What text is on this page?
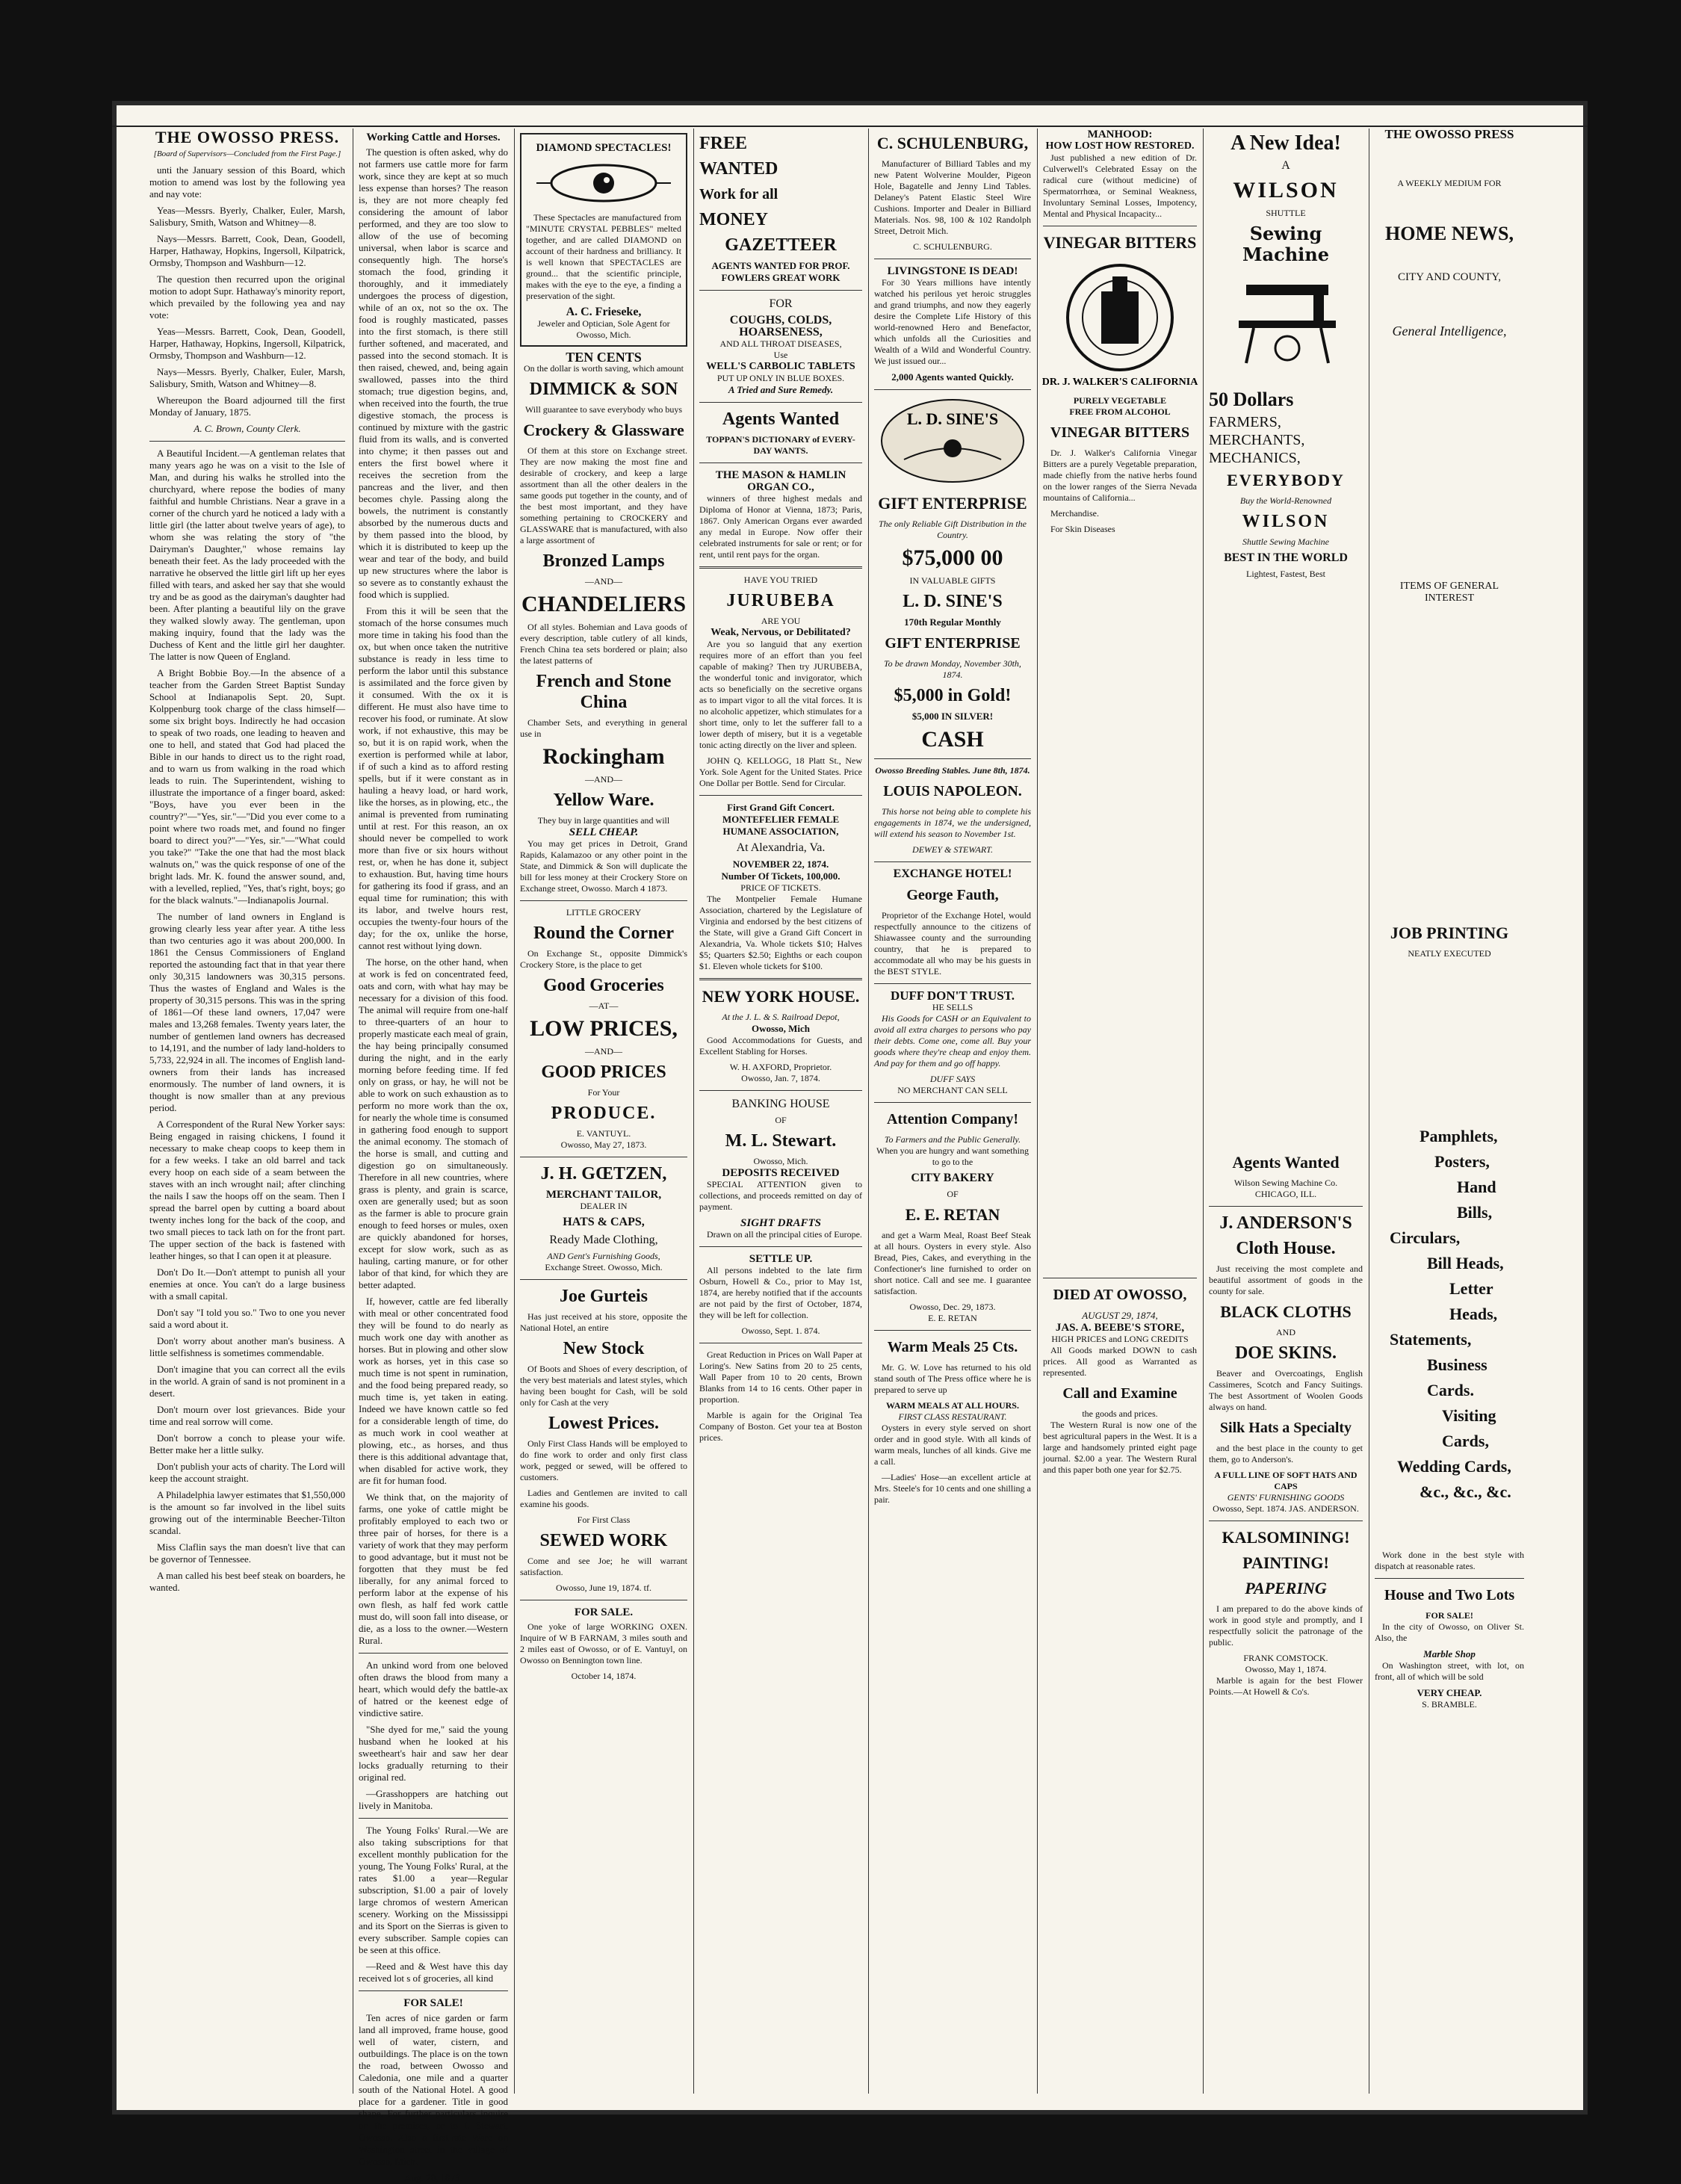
THE OWOSSO PRESS.
[Board of Supervisors—Concluded from the First Page.]

unti the January session of this Board, which motion to amend was lost by the following yea and nay vote:

Yeas—Messrs. Byerly, Chalker, Euler, Marsh, Salisbury, Smith, Watson and Whitney—8.

Nays—Messrs. Barrett, Cook, Dean, Goodell, Harper, Hathaway, Hopkins, Ingersoll, Kilpatrick, Ormsby, Thompson and Washburn—12.

The question then recurred upon the original motion to adopt Supr. Hathaway's minority report, which prevailed by the following yea and nay vote:

Yeas—Messrs. Barrett, Cook, Dean, Goodell, Harper, Hathaway, Hopkins, Ingersoll, Kilpatrick, Ormsby, Thompson and Washburn—12.

Nays—Messrs. Byerly, Chalker, Euler, Marsh, Salisbury, Smith, Watson and Whitney—8.

Whereupon the Board adjourned till the first Monday of January, 1875.

A. C. Brown, County Clerk.

A Beautiful Incident.—A gentleman relates that many years ago he was on a visit to the Isle of Man, and during his walks he strolled into the churchyard, where repose the bodies of many faithful and humble Christians. Near a grave in a corner of the church yard he noticed a lady with a little girl (the latter about twelve years of age), to whom she was relating the story of "the Dairyman's Daughter," whose remains lay beneath their feet. As the lady proceeded with the narrative he observed the little girl lift up her eyes filled with tears, and asked her say that she would try and be as good as the dairyman's daughter had been. After planting a beautiful lily on the grave they walked slowly away. The gentleman, upon making inquiry, found that the lady was the Duchess of Kent and the little girl her daughter. The latter is now Queen of England.

A Bright Bobbie Boy.—In the absence of a teacher from the Garden Street Baptist Sunday School at Indianapolis Sept. 20, Supt. Kolppenburg took charge of the class himself—some six bright boys. Indirectly he had occasion to speak of two roads, one leading to heaven and one to hell, and stated that God had placed the Bible in our hands to direct us to the right road, and to warn us from walking in the road which leads to ruin. The Superintendent, wishing to illustrate the importance of a finger board, asked: "Boys, have you ever been in the country?"—"Yes, sir."—"Did you ever come to a point where two roads met, and found no finger board to direct you?"—"Yes, sir."—"What could you take?" "Take the one that had the most black walnuts on," was the quick response of one of the bright lads. Mr. K. found the answer sound, and, with a levelled, replied, "Yes, that's right, boys; go for the black walnuts."—Indianapolis Journal.

The number of land owners in England is growing clearly less year after year. A tithe less than two centuries ago it was about 200,000. In 1861 the Census Commissioners of England reported the astounding fact that in that year there only 30,315 landowners was 30,315 persons. Thus the wastes of England and Wales is the property of 30,315 persons. This was in the spring of 1861—Of these land owners, 17,047 were males and 13,268 females. Twenty years later, the number of gentlemen land owners has decreased to 14,191, and the number of lady land-holders to 5,733, 22,924 in all. The incomes of English land-owners from their lands has increased enormously. The number of land owners, it is thought is now smaller than at any previous period.

A Correspondent of the Rural New Yorker says: Being engaged in raising chickens, I found it necessary to make cheap coops to keep them in for a few weeks. I take an old barrel and tack every hoop on each side of a seam between the staves with an inch wrought nail; after clinching the nails I saw the hoops off on the seam. Then I spread the barrel open by cutting a board about twenty inches long for the back of the coop, and two small pieces to tack lath on for the front part. The upper section of the back is fastened with leather hinges, so that I can open it at pleasure.

Don't Do It.—Don't attempt to punish all your enemies at once. You can't do a large business with a small capital.

Don't say "I told you so." Two to one you never said a word about it.

Don't worry about another man's business. A little selfishness is sometimes commendable.

Don't imagine that you can correct all the evils in the world. A grain of sand is not prominent in a desert.

Don't mourn over lost grievances. Bide your time and real sorrow will come.

Don't borrow a conch to please your wife. Better make her a little sulky.

Don't publish your acts of charity. The Lord will keep the account straight.

A Philadelphia lawyer estimates that $1,550,000 is the amount so far involved in the libel suits growing out of the interminable Beecher-Tilton scandal.

Miss Claflin says the man doesn't live that can be governor of Tennessee.

A man called his best beef steak on boarders, he wanted.

Working Cattle and Horses.

The question is often asked, why do not farmers use cattle more for farm work, since they are kept at so much less expense than horses? The reason is, they are not more cheaply fed considering the amount of labor performed, and they are too slow to allow of the use of becoming universal, when labor is scarce and consequently high. The horse's stomach the food, grinding it thoroughly, and it immediately undergoes the process of digestion, while of an ox, not so the ox. The food is roughly masticated, passes into the first stomach, is there still further softened, and macerated, and passed into the second stomach. It is then raised, chewed, and, being again swallowed, passes into the third stomach; true digestion begins, and, when received into the fourth, the true digestive stomach, the process is continued by mixture with the gastric fluid from its walls, and is converted into chyme; it then passes out and enters the first bowel where it receives the secretion from the pancreas and the liver, and then becomes chyle. Passing along the bowels, the nutriment is constantly absorbed by the numerous ducts and by them passed into the blood, by which it is distributed to keep up the wear and tear of the body, and build up new structures where the labor is so severe as to constantly exhaust the food which is supplied.

From this it will be seen that the stomach of the horse consumes much more time in taking his food than the ox, but when once taken the nutritive substance is ready in less time to perform the labor until this substance is assimilated and the force given by it consumed. With the ox it is different. He must also have time to recover his food, or ruminate. At slow work, if not exhaustive, this may be so, but it is on rapid work, when the exertion is performed while at labor, if of such a kind as to afford resting spells, but if it were constant as in hauling a heavy load, or hard work, like the horses, as in plowing, etc., the animal is prevented from ruminating until at rest. For this reason, an ox should never be compelled to work more than five or six hours without rest, or, when he has done it, subject to exhaustion. But, having time hours for gathering its food if grass, and an equal time for rumination; this with its labor, and twelve hours rest, occupies the twenty-four hours of the day; for the ox, unlike the horse, cannot rest without lying down.

The horse, on the other hand, when at work is fed on concentrated feed, oats and corn, with what hay may be necessary for a division of this food. The animal will require from one-half to three-quarters of an hour to properly masticate each meal of grain, the hay being principally consumed during the night, and in the early morning before feeding time. If fed only on grass, or hay, he will not be able to work on such exhaustion as to perform no more work than the ox, for nearly the whole time is consumed in gathering food enough to support the animal economy. The stomach of the horse is small, and cutting and digestion go on simultaneously. Therefore in all new countries, where grass is plenty, and grain is scarce, oxen are generally used; but as soon as the farmer is able to procure grain enough to feed horses or mules, oxen are quickly abandoned for horses, except for slow work, such as as hauling, carting manure, or for other labor of that kind, for which they are better adapted.

If, however, cattle are fed liberally with meal or other concentrated food they will be found to do nearly as much work one day with another as horses. But in plowing and other slow work as horses, yet in this case so much time is not spent in rumination, and the food being prepared ready, so much time is, yet taken in eating. Indeed we have known cattle so fed for a considerable length of time, do as much work in cool weather at plowing, etc., as horses, and thus there is this additional advantage that, when disabled for active work, they are fit for human food.

We think that, on the majority of farms, one yoke of cattle might be profitably employed to each two or three pair of horses, for there is a variety of work that they may perform to good advantage, but it must not be forgotten that they must be fed liberally, for any animal forced to perform labor at the expense of his own flesh, as half fed work cattle must do, will soon fall into disease, or die, as a loss to the owner.—Western Rural.

An unkind word from one beloved often draws the blood from many a heart, which would defy the battle-ax of hatred or the keenest edge of vindictive satire.

"She dyed for me," said the young husband when he looked at his sweetheart's hair and saw her dear locks gradually returning to their original red.

—Grasshoppers are hatching out lively in Manitoba.

The Young Folks' Rural.—We are also taking subscriptions for that excellent monthly publication for the young, The Young Folks' Rural, at the rates $1.00 a year—Regular subscription, $1.00 a pair of lovely large chromos of western American scenery. Working on the Mississippi and its Sport on the Sierras is given to every subscriber. Sample copies can be seen at this office.

—Reed and & West have this day received lot s of groceries, all kind

FOR SALE!

Ten acres of nice garden or farm land all improved, frame house, good well of water, cistern, and outbuildings. The place is on the town the road, between Owosso and Caledonia, one mile and a quarter south of the National Hotel. A good place for a gardener. Title in good shape. For further particulars inquire on the premises, or to I. Stewart, Owosso. Also a first-rate Ware on Washington street in the village of Owosso, Mich.

Aug. 20, 1873.
DIAMOND SPECTACLES!

These Spectacles are manufactured from "MINUTE CRYSTAL PEBBLES" melted together, and are called DIAMOND on account of their hardness and brilliancy. It is well known that SPECTACLES are ground... that the scientific principle, makes with the eye to the eye, a finding a preservation of the sight.

A. C. Frieseke,
Jeweler and Optician, Sole Agent for Owosso, Mich.
TEN CENTS
On the dollar is worth saving, which amount
DIMMICK & SON
Will guarantee to save everybody who buys
Crockery & Glassware

Of them at this store on Exchange street. They are now making the most fine and desirable of crockery, and keep a large assortment than all the other dealers in the same goods put together in the county, and of the best most important, and they have something pertaining to CROCKERY and GLASSWARE that is manufactured, with also a large assortment of

Bronzed Lamps
—AND—
CHANDELIERS

Of all styles. Bohemian and Lava goods of every description, table cutlery of all kinds, French China tea sets bordered or plain; also the latest patterns of

French and Stone China

Chamber Sets, and everything in general use in

Rockingham
—AND—
Yellow Ware.
They buy in large quantities and will
SELL CHEAP.

You may get prices in Detroit, Grand Rapids, Kalamazoo or any other point in the State, and Dimmick & Son will duplicate the bill for less money at their Crockery Store on Exchange street, Owosso. March 4 1873.

LITTLE GROCERY
Round the Corner

On Exchange St., opposite Dimmick's Crockery Store, is the place to get

Good Groceries
—AT—
LOW PRICES,
—AND—
GOOD PRICES
For Your
PRODUCE.
E. VANTUYL.
Owosso, May 27, 1873.
J. H. GŒTZEN,
MERCHANT TAILOR,
DEALER IN
HATS & CAPS,
Ready Made Clothing,
AND Gent's Furnishing Goods,
Exchange Street. Owosso, Mich.
Joe Gurteis

Has just received at his store, opposite the National Hotel, an entire

New Stock

Of Boots and Shoes of every description, of the very best materials and latest styles, which having been bought for Cash, will be sold only for Cash at the very

Lowest Prices.

Only First Class Hands will be employed to do fine work to order and only first class work, pegged or sewed, will be offered to customers.

Ladies and Gentlemen are invited to call examine his goods.

For First Class
SEWED WORK

Come and see Joe; he will warrant satisfaction.

Owosso, June 19, 1874. tf.
FOR SALE.

One yoke of large WORKING OXEN. Inquire of W B FARNAM, 3 miles south and 2 miles east of Owosso, or of E. Vantuyl, on Owosso on Bennington town line.

October 14, 1874.
FREE
WANTED
Work for all
MONEY
GAZETTEER
AGENTS WANTED FOR PROF. FOWLERS GREAT WORK
FOR
COUGHS, COLDS, HOARSENESS,
AND ALL THROAT DISEASES,
Use
WELL'S CARBOLIC TABLETS
PUT UP ONLY IN BLUE BOXES.
A Tried and Sure Remedy.
Agents Wanted
TOPPAN'S DICTIONARY of EVERY-DAY WANTS.
THE MASON & HAMLIN ORGAN CO.,

winners of three highest medals and Diploma of Honor at Vienna, 1873; Paris, 1867. Only American Organs ever awarded any medal in Europe. Now offer their celebrated instruments for sale or rent; or for rent, until rent pays for the organ.

HAVE YOU TRIED
JURUBEBA
ARE YOU
Weak, Nervous, or Debilitated?

Are you so languid that any exertion requires more of an effort than you feel capable of making? Then try JURUBEBA, the wonderful tonic and invigorator, which acts so beneficially on the secretive organs as to impart vigor to all the vital forces. It is no alcoholic appetizer, which stimulates for a short time, only to let the sufferer fall to a lower depth of misery, but it is a vegetable tonic acting directly on the liver and spleen.

JOHN Q. KELLOGG, 18 Platt St., New York. Sole Agent for the United States. Price One Dollar per Bottle. Send for Circular.

First Grand Gift Concert.
MONTEFELIER FEMALE HUMANE ASSOCIATION,
At Alexandria, Va.
NOVEMBER 22, 1874.
Number Of Tickets, 100,000.
PRICE OF TICKETS.

The Montpelier Female Humane Association, chartered by the Legislature of Virginia and endorsed by the best citizens of the State, will give a Grand Gift Concert in Alexandria, Va. Whole tickets $10; Halves $5; Quarters $2.50; Eighths or each coupon $1. Eleven whole tickets for $100.

NEW YORK HOUSE.
At the J. L. & S. Railroad Depot,
Owosso, Mich

Good Accommodations for Guests, and Excellent Stabling for Horses.

W. H. AXFORD, Proprietor.
Owosso, Jan. 7, 1874.
BANKING HOUSE
OF
M. L. Stewart.
Owosso, Mich.
DEPOSITS RECEIVED

SPECIAL ATTENTION given to collections, and proceeds remitted on day of payment.

SIGHT DRAFTS

Drawn on all the principal cities of Europe.

SETTLE UP.

All persons indebted to the late firm Osburn, Howell & Co., prior to May 1st, 1874, are hereby notified that if the accounts are not paid by the first of October, 1874, they will be left for collection.

Owosso, Sept. 1. 874.

Great Reduction in Prices on Wall Paper at Loring's. New Satins from 20 to 25 cents, Wall Paper from 10 to 20 cents, Brown Blanks from 14 to 16 cents. Other paper in proportion.

Marble is again for the Original Tea Company of Boston. Get your tea at Boston prices.

C. SCHULENBURG,

Manufacturer of Billiard Tables and my new Patent Wolverine Moulder, Pigeon Hole, Bagatelle and Jenny Lind Tables. Delaney's Patent Elastic Steel Wire Cushions. Importer and Dealer in Billiard Materials. Nos. 98, 100 & 102 Randolph Street, Detroit Mich.

C. SCHULENBURG.
LIVINGSTONE IS DEAD!

For 30 Years millions have intently watched his perilous yet heroic struggles and grand triumphs, and now they eagerly desire the Complete Life History of this world-renowned Hero and Benefactor, which unfolds all the Curiosities and Wealth of a Wild and Wonderful Country. We just issued our...

2,000 Agents wanted Quickly.
L. D. SINE'S
GIFT ENTERPRISE
The only Reliable Gift Distribution in the Country.
$75,000 00
IN VALUABLE GIFTS
L. D. SINE'S
170th Regular Monthly
GIFT ENTERPRISE
To be drawn Monday, November 30th, 1874.
$5,000 in Gold!
$5,000 IN SILVER!
CASH
Owosso Breeding Stables. June 8th, 1874.
LOUIS NAPOLEON.

This horse not being able to complete his engagements in 1874, we the undersigned, will extend his season to November 1st.

DEWEY & STEWART.
EXCHANGE HOTEL!
George Fauth,

Proprietor of the Exchange Hotel, would respectfully announce to the citizens of Shiawassee county and the surrounding country, that he is prepared to accommodate all who may be his guests in the BEST STYLE.

DUFF DON'T TRUST.
HE SELLS

His Goods for CASH or an Equivalent to avoid all extra charges to persons who pay their debts. Come one, come all. Buy your goods where they're cheap and enjoy them. And pay for them and go off happy.

DUFF SAYS
NO MERCHANT CAN SELL
Attention Company!
To Farmers and the Public Generally.
When you are hungry and want something to go to the
CITY BAKERY
OF
E. E. RETAN

and get a Warm Meal, Roast Beef Steak at all hours. Oysters in every style. Also Bread, Pies, Cakes, and everything in the Confectioner's line furnished to order on short notice. Call and see me. I guarantee satisfaction.

Owosso, Dec. 29, 1873.
E. E. RETAN
Warm Meals 25 Cts.

Mr. G. W. Love has returned to his old stand south of The Press office where he is prepared to serve up

WARM MEALS AT ALL HOURS.
FIRST CLASS RESTAURANT.

Oysters in every style served on short order and in good style. With all kinds of warm meals, lunches of all kinds. Give me a call.

—Ladies' Hose—an excellent article at Mrs. Steele's for 10 cents and one shilling a pair.

MANHOOD:
HOW LOST HOW RESTORED.

Just published a new edition of Dr. Culverwell's Celebrated Essay on the radical cure (without medicine) of Spermatorrhœa, or Seminal Weakness, Involuntary Seminal Losses, Impotency, Mental and Physical Incapacity...

VINEGAR BITTERS
DR. J. WALKER'S CALIFORNIA
PURELY VEGETABLE
FREE FROM ALCOHOL
VINEGAR BITTERS

Dr. J. Walker's California Vinegar Bitters are a purely Vegetable preparation, made chiefly from the native herbs found on the lower ranges of the Sierra Nevada mountains of California...

Merchandise.

For Skin Diseases

DIED AT OWOSSO,
AUGUST 29, 1874,
JAS. A. BEEBE'S STORE,
HIGH PRICES and LONG CREDITS

All Goods marked DOWN to cash prices. All good as Warranted as represented.

Call and Examine
the goods and prices.

The Western Rural is now one of the best agricultural papers in the West. It is a large and handsomely printed eight page journal. $2.00 a year. The Western Rural and this paper both one year for $2.75.

A New Idea!
A
WILSON
SHUTTLE
Sewing Machine
50 Dollars
FARMERS,
MERCHANTS,
MECHANICS,
EVERYBODY
Buy the World-Renowned
WILSON
Shuttle Sewing Machine
BEST IN THE WORLD
Lightest, Fastest, Best
Agents Wanted
Wilson Sewing Machine Co.
CHICAGO, ILL.
J. ANDERSON'S
Cloth House.

Just receiving the most complete and beautiful assortment of goods in the county for sale.

BLACK CLOTHS
AND
DOE SKINS.

Beaver and Overcoatings, English Cassimeres, Scotch and Fancy Suitings. The best Assortment of Woolen Goods always on hand.

Silk Hats a Specialty

and the best place in the county to get them, go to Anderson's.

A FULL LINE OF SOFT HATS AND CAPS
GENTS' FURNISHING GOODS
Owosso, Sept. 1874. JAS. ANDERSON.
KALSOMINING!
PAINTING!
PAPERING

I am prepared to do the above kinds of work in good style and promptly, and I respectfully solicit the patronage of the public.

FRANK COMSTOCK.
Owosso, May 1, 1874.

Marble is again for the best Flower Points.—At Howell & Co's.

THE OWOSSO PRESS
A WEEKLY MEDIUM FOR
HOME NEWS,
CITY AND COUNTY,
General Intelligence,
ITEMS OF GENERAL INTEREST
JOB PRINTING
NEATLY EXECUTED
Pamphlets,
Posters,
Hand Bills,
Circulars,
Bill Heads,
Letter Heads,
Statements,
Business Cards.
Visiting Cards,
Wedding Cards,
&c., &c., &c.

Work done in the best style with dispatch at reasonable rates.

House and Two Lots
FOR SALE!

In the city of Owosso, on Oliver St. Also, the

Marble Shop

On Washington street, with lot, on front, all of which will be sold

VERY CHEAP.
S. BRAMBLE.
